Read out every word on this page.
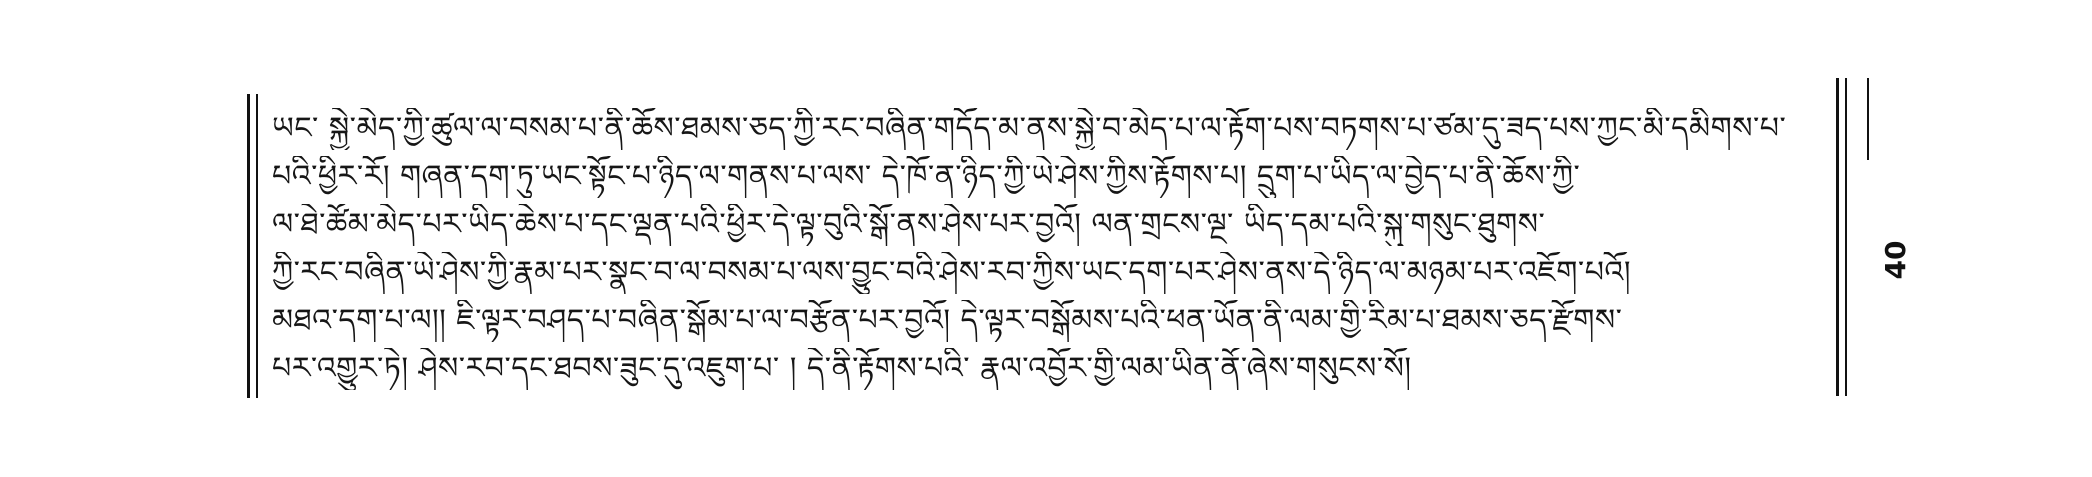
ཡང་ སྐྱེ་མེད་ཀྱི་ཚུལ་ལ་བསམ་པ་ནི་ཆོས་ཐམས་ཅད་ཀྱི་རང་བཞིན་གདོད་མ་ནས་སྐྱེ་བ་མེད་པ་ལ་རྟོག་པས་བཏགས་པ་ཙམ་དུ་ཟད་པས་ཀྱང་མི་དམིགས་པ་
པའི་ཕྱིར་རོ། གཞན་དག་ཏུ་ཡང་སྟོང་པ་ཉིད་ལ་གནས་པ་ལས་ དེ་ཁོ་ན་ཉིད་ཀྱི་ཡེ་ཤེས་ཀྱིས་རྟོགས་པ། དྲུག་པ་ཡིད་ལ་བྱེད་པ་ནི་ཆོས་ཀྱི་
ལ་ཐེ་ཚོམ་མེད་པར་ཡིད་ཆེས་པ་དང་ལྡན་པའི་ཕྱིར་དེ་ལྟ་བུའི་སྒོ་ནས་ཤེས་པར་བྱའོ། ལན་གྲངས་ལྔ་ ཡིད་དམ་པའི་སྐུ་གསུང་ཐུགས་
ཀྱི་རང་བཞིན་ཡེ་ཤེས་ཀྱི་རྣམ་པར་སྣང་བ་ལ་བསམ་པ་ལས་བྱུང་བའི་ཤེས་རབ་ཀྱིས་ཡང་དག་པར་ཤེས་ནས་དེ་ཉིད་ལ་མཉམ་པར་འཇོག་པའོ།
མཐའ་དག་པ་ལ།། ཇི་ལྟར་བཤད་པ་བཞིན་སྒོམ་པ་ལ་བརྩོན་པར་བྱའོ། དེ་ལྟར་བསྒོམས་པའི་ཕན་ཡོན་ནི་ལམ་གྱི་རིམ་པ་ཐམས་ཅད་རྫོགས་
པར་འགྱུར་ཏེ། ཤེས་རབ་དང་ཐབས་ཟུང་དུ་འཇུག་པ་ ། དེ་ནི་རྟོགས་པའི་ རྣལ་འབྱོར་གྱི་ལམ་ཡིན་ནོ་ཞེས་གསུངས་སོ།
40
